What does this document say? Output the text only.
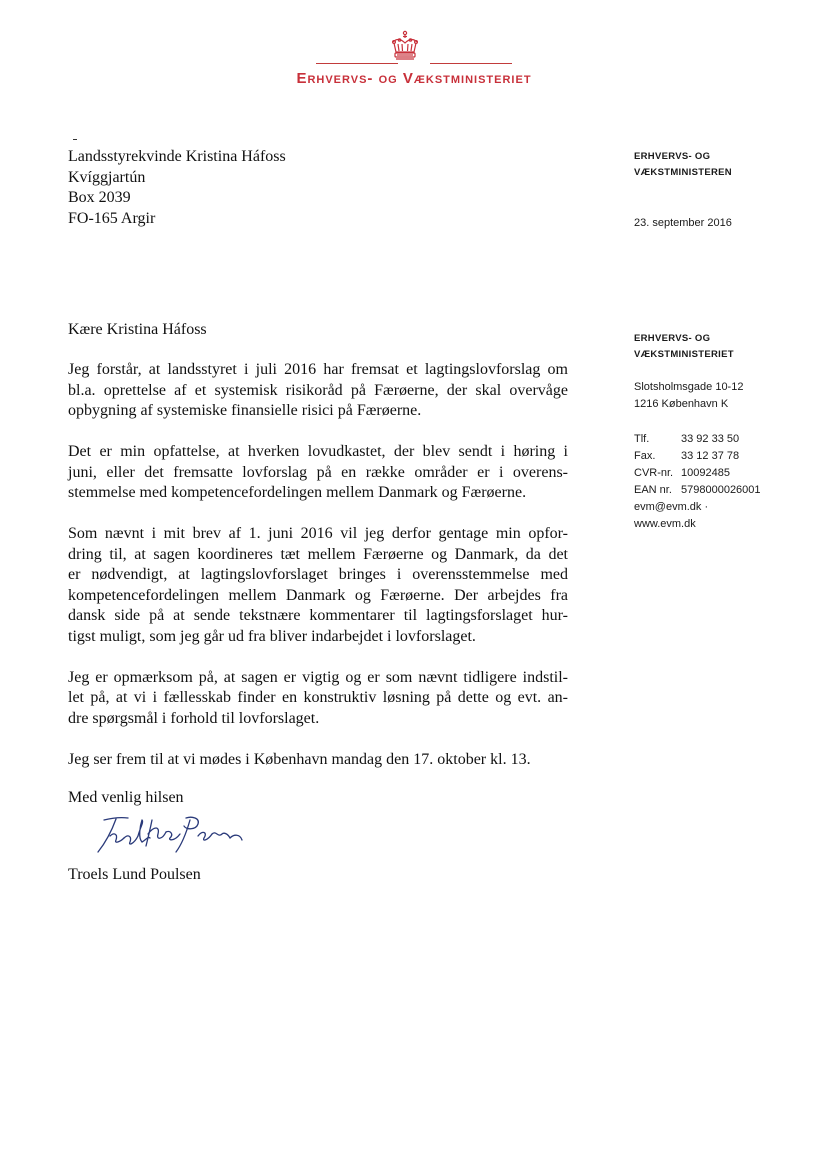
Erhvervs- og Vækstministeriet
Landsstyrekvinde Kristina Háfoss
Kvíggjartún
Box 2039
FO-165 Argir
ERHVERVS- OG
VÆKSTMINISTEREN
23. september 2016
ERHVERVS- OG
VÆKSTMINISTERIET
Slotsholmsgade 10-12
1216 København K
Tlf.	33 92 33 50
Fax. 33 12 37 78
CVR-nr. 10092485
EAN nr. 5798000026001
evm@evm.dk ·
www.evm.dk
Kære Kristina Háfoss
Jeg forstår, at landsstyret i juli 2016 har fremsat et lagtingslovforslag om
bl.a. oprettelse af et systemisk risikoråd på Færøerne, der skal overvåge
opbygning af systemiske finansielle risici på Færøerne.
Det er min opfattelse, at hverken lovudkastet, der blev sendt i høring i
juni, eller det fremsatte lovforslag på en række områder er i overens-
stemmelse med kompetencefordelingen mellem Danmark og Færøerne.
Som nævnt i mit brev af 1. juni 2016 vil jeg derfor gentage min opfor-
dring til, at sagen koordineres tæt mellem Færøerne og Danmark, da det
er nødvendigt, at lagtingslovforslaget bringes i overensstemmelse med
kompetencefordelingen mellem Danmark og Færøerne. Der arbejdes fra
dansk side på at sende tekstnære kommentarer til lagtingsforslaget hur-
tigst muligt, som jeg går ud fra bliver indarbejdet i lovforslaget.
Jeg er opmærksom på, at sagen er vigtig og er som nævnt tidligere indstil-
let på, at vi i fællesskab finder en konstruktiv løsning på dette og evt. an-
dre spørgsmål i forhold til lovforslaget.
Jeg ser frem til at vi mødes i København mandag den 17. oktober kl. 13.
Med venlig hilsen
Troels Lund Poulsen
